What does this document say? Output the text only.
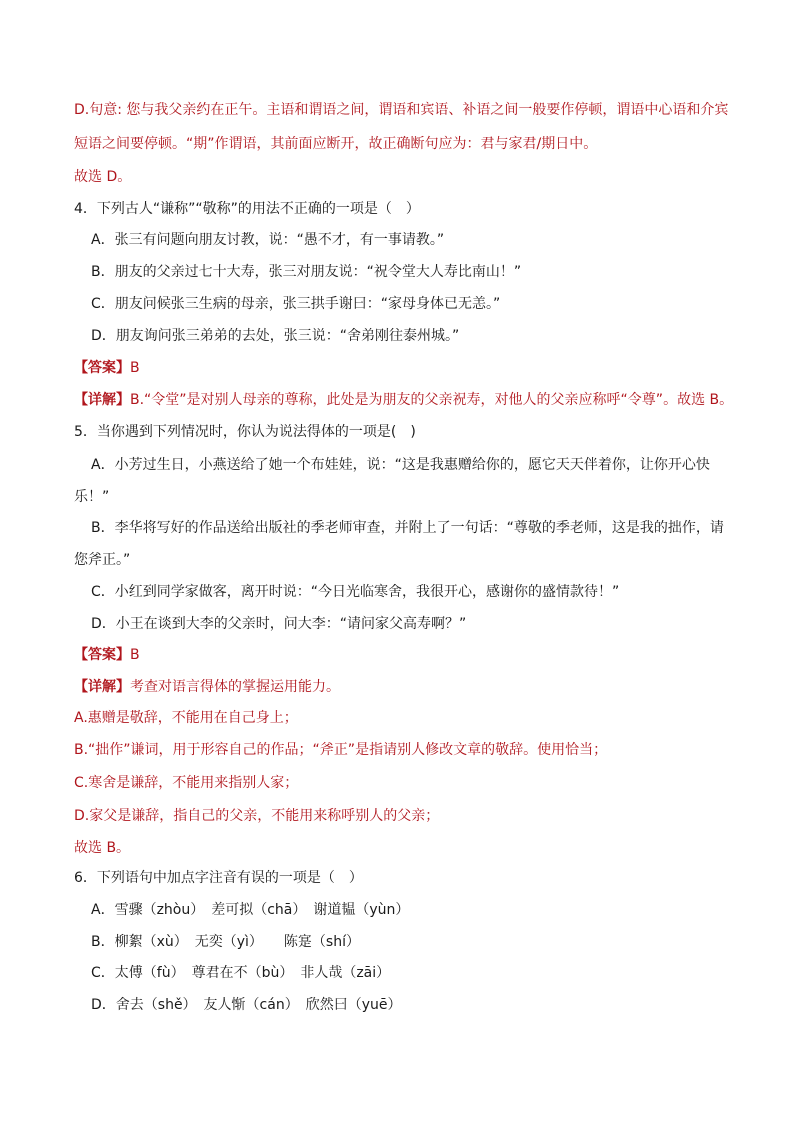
D.句意: 您与我父亲约在正午。主语和谓语之间，谓语和宾语、补语之间一般要作停顿，谓语中心语和介宾
短语之间要停顿。“期”作谓语，其前面应断开，故正确断句应为：君与家君/期日中。
故选 D。
4．下列古人“谦称”“敬称”的用法不正确的一项是（　）
A．张三有问题向朋友讨教，说：“愚不才，有一事请教。”
B．朋友的父亲过七十大寿，张三对朋友说：“祝令堂大人寿比南山！”
C．朋友问候张三生病的母亲，张三拱手谢曰：“家母身体已无恙。”
D．朋友询问张三弟弟的去处，张三说：“舍弟刚往泰州城。”
【答案】B
【详解】B.“令堂”是对别人母亲的尊称，此处是为朋友的父亲祝寿，对他人的父亲应称呼“令尊”。故选 B。
5．当你遇到下列情况时，你认为说法得体的一项是(　)
A．小芳过生日，小燕送给了她一个布娃娃，说：“这是我惠赠给你的，愿它天天伴着你，让你开心快
乐！”
B．李华将写好的作品送给出版社的季老师审查，并附上了一句话：“尊敬的季老师，这是我的拙作，请
您斧正。”
C．小红到同学家做客，离开时说：“今日光临寒舍，我很开心，感谢你的盛情款待！”
D．小王在谈到大李的父亲时，问大李：“请问家父高寿啊？”
【答案】B
【详解】考查对语言得体的掌握运用能力。
A.惠赠是敬辞，不能用在自己身上；
B.“拙作”谦词，用于形容自己的作品；“斧正”是指请别人修改文章的敬辞。使用恰当；
C.寒舍是谦辞，不能用来指别人家；
D.家父是谦辞，指自己的父亲，不能用来称呼别人的父亲；
故选 B。
6．下列语句中加点字注音有误的一项是（　）
A．雪骤（zhòu）　差可拟（chā）　谢道韫（yùn）
B．柳絮（xù）　无奕（yì）　　陈寔（shí）
C．太傅（fù）　尊君在不（bù）　非人哉（zāi）
D．舍去（shě）　友人惭（cán）　欣然曰（yuē）
